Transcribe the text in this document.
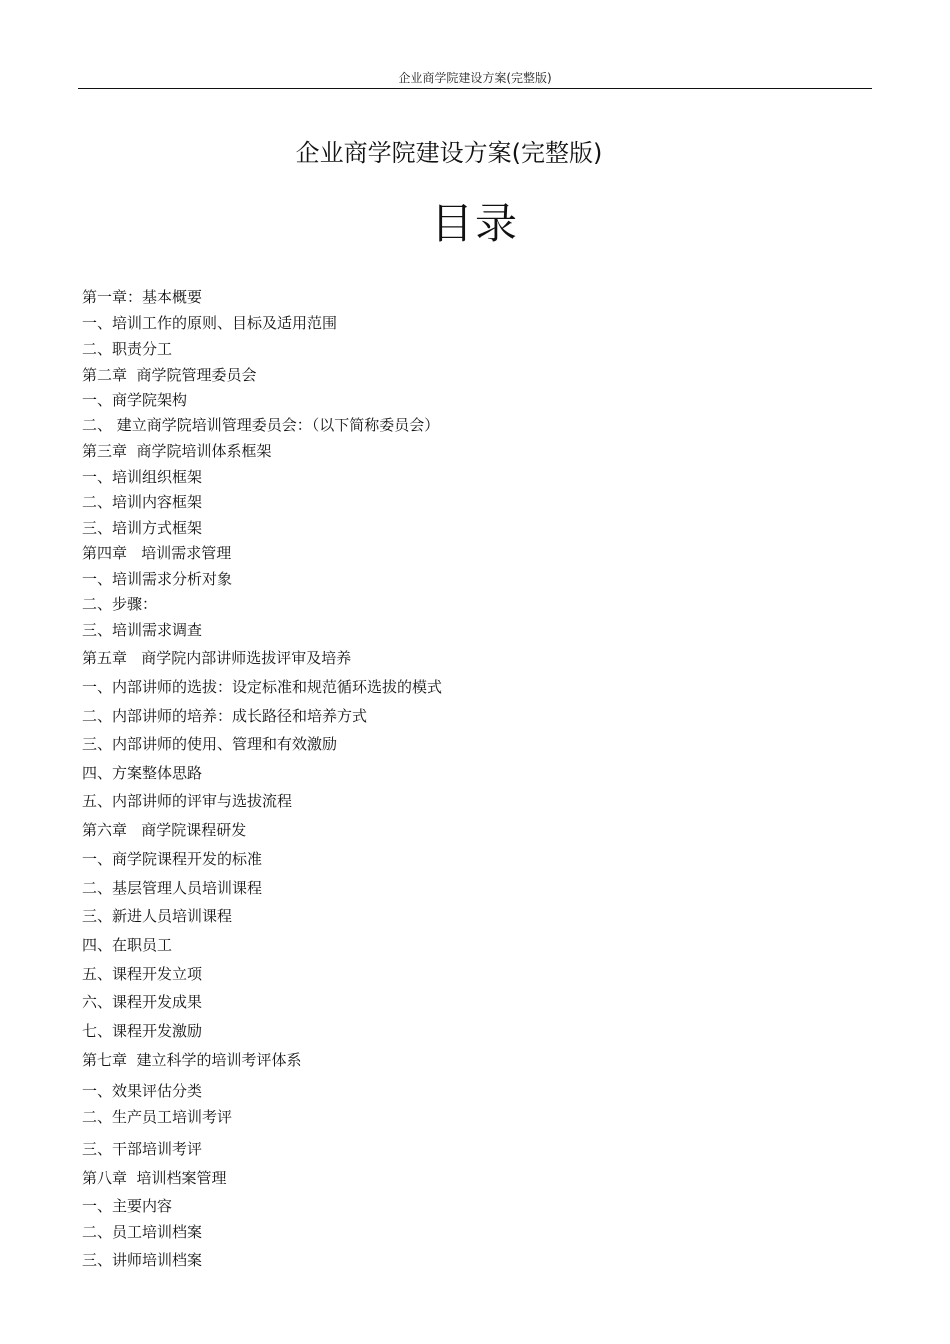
企业商学院建设方案(完整版)
企业商学院建设方案(完整版)
目录
第一章：基本概要
一、培训工作的原则、目标及适用范围
二、职责分工
第二章  商学院管理委员会
一、商学院架构
二、 建立商学院培训管理委员会：（以下简称委员会）
第三章  商学院培训体系框架
一、培训组织框架
二、培训内容框架
三、培训方式框架
第四章   培训需求管理
一、培训需求分析对象
二、步骤：
三、培训需求调查
第五章   商学院内部讲师选拔评审及培养
一、内部讲师的选拔：设定标准和规范循环选拔的模式
二、内部讲师的培养：成长路径和培养方式
三、内部讲师的使用、管理和有效激励
四、方案整体思路
五、内部讲师的评审与选拔流程
第六章   商学院课程研发
一、商学院课程开发的标准
二、基层管理人员培训课程
三、新进人员培训课程
四、在职员工
五、课程开发立项
六、课程开发成果
七、课程开发激励
第七章  建立科学的培训考评体系
一、效果评估分类
二、生产员工培训考评
三、干部培训考评
第八章  培训档案管理
一、主要内容
二、员工培训档案
三、讲师培训档案
